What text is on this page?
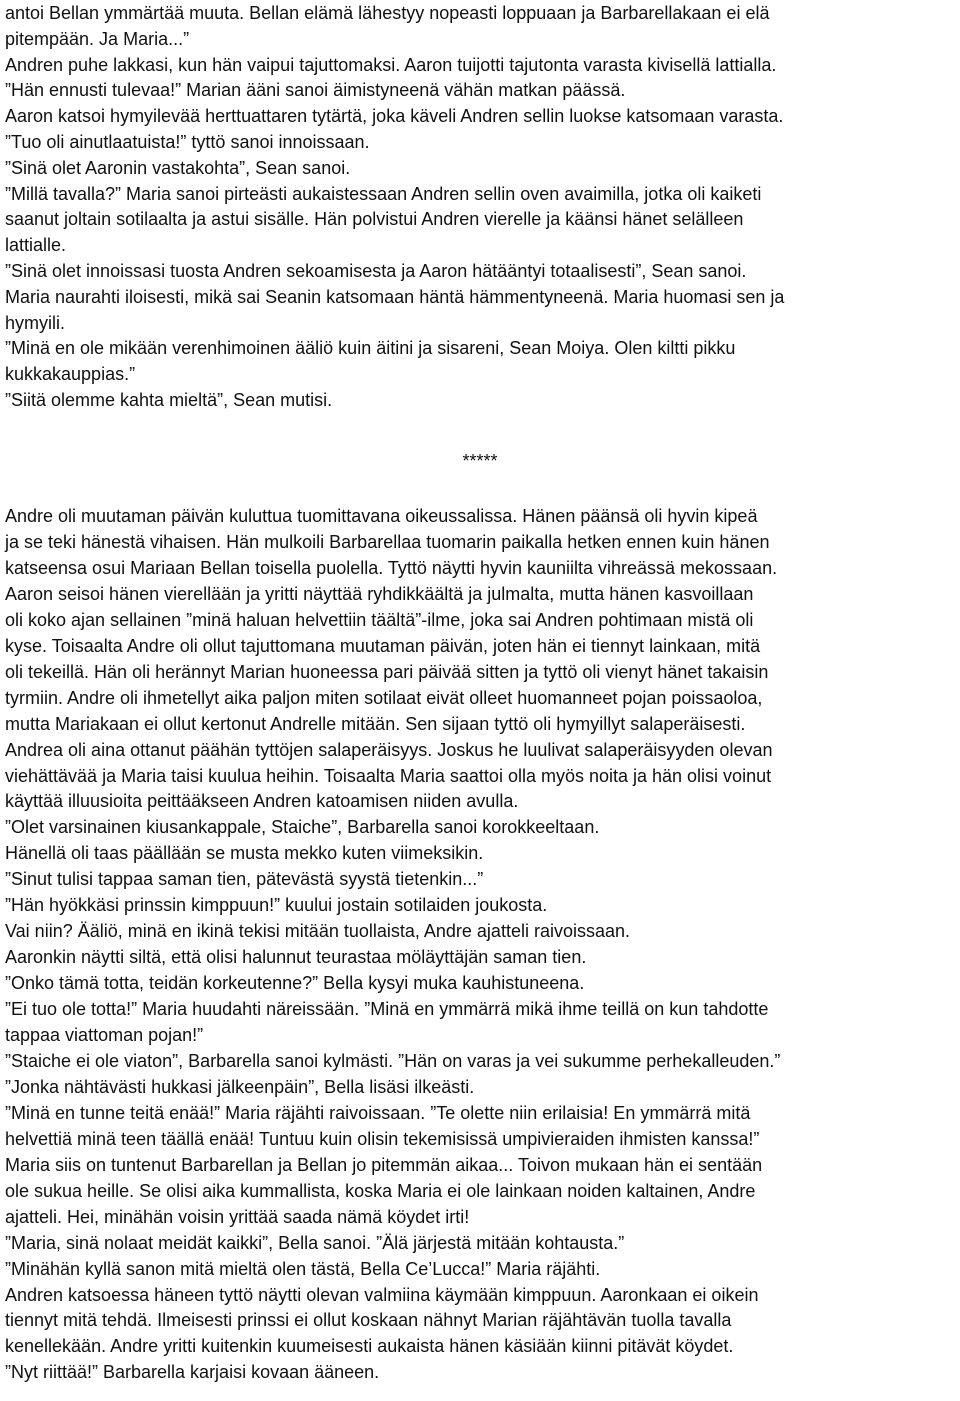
antoi Bellan ymmärtää muuta. Bellan elämä lähestyy nopeasti loppuaan ja Barbarellakaan ei elä
pitempään. Ja Maria...”
Andren puhe lakkasi, kun hän vaipui tajuttomaksi. Aaron tuijotti tajutonta varasta kivisellä lattialla.
”Hän ennusti tulevaa!” Marian ääni sanoi äimistyneenä vähän matkan päässä.
Aaron katsoi hymyilevää herttuattaren tytärtä, joka käveli Andren sellin luokse katsomaan varasta.
”Tuo oli ainutlaatuista!” tyttö sanoi innoissaan.
”Sinä olet Aaronin vastakohta”, Sean sanoi.
”Millä tavalla?” Maria sanoi pirteästi aukaistessaan Andren sellin oven avaimilla, jotka oli kaiketi
saanut joltain sotilaalta ja astui sisälle. Hän polvistui Andren vierelle ja käänsi hänet selälleen
lattialle.
”Sinä olet innoissasi tuosta Andren sekoamisesta ja Aaron hätääntyi totaalisesti”, Sean sanoi.
Maria naurahti iloisesti, mikä sai Seanin katsomaan häntä hämmentyneenä. Maria huomasi sen ja
hymyili.
”Minä en ole mikään verenhimoinen ääliö kuin äitini ja sisareni, Sean Moiya. Olen kiltti pikku
kukkakauppias.”
”Siitä olemme kahta mieltä”, Sean mutisi.
*****
Andre oli muutaman päivän kuluttua tuomittavana oikeussalissa. Hänen päänsä oli hyvin kipeä
ja se teki hänestä vihaisen. Hän mulkoili Barbarellaa tuomarin paikalla hetken ennen kuin hänen
katseensa osui Mariaan Bellan toisella puolella. Tyttö näytti hyvin kauniilta vihreässä mekossaan.
Aaron seisoi hänen vierellään ja yritti näyttää ryhdikkäältä ja julmalta, mutta hänen kasvoillaan
oli koko ajan sellainen ”minä haluan helvettiin täältä”-ilme, joka sai Andren pohtimaan mistä oli
kyse. Toisaalta Andre oli ollut tajuttomana muutaman päivän, joten hän ei tiennyt lainkaan, mitä
oli tekeillä. Hän oli herännyt Marian huoneessa pari päivää sitten ja tyttö oli vienyt hänet takaisin
tyrmiin. Andre oli ihmetellyt aika paljon miten sotilaat eivät olleet huomanneet pojan poissaoloa,
mutta Mariakaan ei ollut kertonut Andrelle mitään. Sen sijaan tyttö oli hymyillyt salaperäisesti.
Andrea oli aina ottanut päähän tyttöjen salaperäisyys. Joskus he luulivat salaperäisyyden olevan
viehättävää ja Maria taisi kuulua heihin. Toisaalta Maria saattoi olla myös noita ja hän olisi voinut
käyttää illuusioita peittääkseen Andren katoamisen niiden avulla.
”Olet varsinainen kiusankappale, Staiche”, Barbarella sanoi korokkeeltaan.
Hänellä oli taas päällään se musta mekko kuten viimeksikin.
”Sinut tulisi tappaa saman tien, pätevästä syystä tietenkin...”
”Hän hyökkäsi prinssin kimppuun!” kuului jostain sotilaiden joukosta.
Vai niin? Ääliö, minä en ikinä tekisi mitään tuollaista, Andre ajatteli raivoissaan.
Aaronkin näytti siltä, että olisi halunnut teurastaa möläyttäjän saman tien.
”Onko tämä totta, teidän korkeutenne?” Bella kysyi muka kauhistuneena.
”Ei tuo ole totta!” Maria huudahti näreissään. ”Minä en ymmärrä mikä ihme teillä on kun tahdotte
tappaa viattoman pojan!”
”Staiche ei ole viaton”, Barbarella sanoi kylmästi. ”Hän on varas ja vei sukumme perhekalleuden.”
”Jonka nähtävästi hukkasi jälkeenpäin”, Bella lisäsi ilkeästi.
”Minä en tunne teitä enää!” Maria räjähti raivoissaan. ”Te olette niin erilaisia! En ymmärrä mitä
helvettiä minä teen täällä enää! Tuntuu kuin olisin tekemisissä umpivieraiden ihmisten kanssa!”
Maria siis on tuntenut Barbarellan ja Bellan jo pitemmän aikaa... Toivon mukaan hän ei sentään
ole sukua heille. Se olisi aika kummallista, koska Maria ei ole lainkaan noiden kaltainen, Andre
ajatteli. Hei, minähän voisin yrittää saada nämä köydet irti!
”Maria, sinä nolaat meidät kaikki”, Bella sanoi. ”Älä järjestä mitään kohtausta.”
”Minähän kyllä sanon mitä mieltä olen tästä, Bella Ce’Lucca!” Maria räjähti.
Andren katsoessa häneen tyttö näytti olevan valmiina käymään kimppuun. Aaronkaan ei oikein
tiennyt mitä tehdä. Ilmeisesti prinssi ei ollut koskaan nähnyt Marian räjähtävän tuolla tavalla
kenellekään. Andre yritti kuitenkin kuumeisesti aukaista hänen käsiään kiinni pitävät köydet.
”Nyt riittää!” Barbarella karjaisi kovaan ääneen.
